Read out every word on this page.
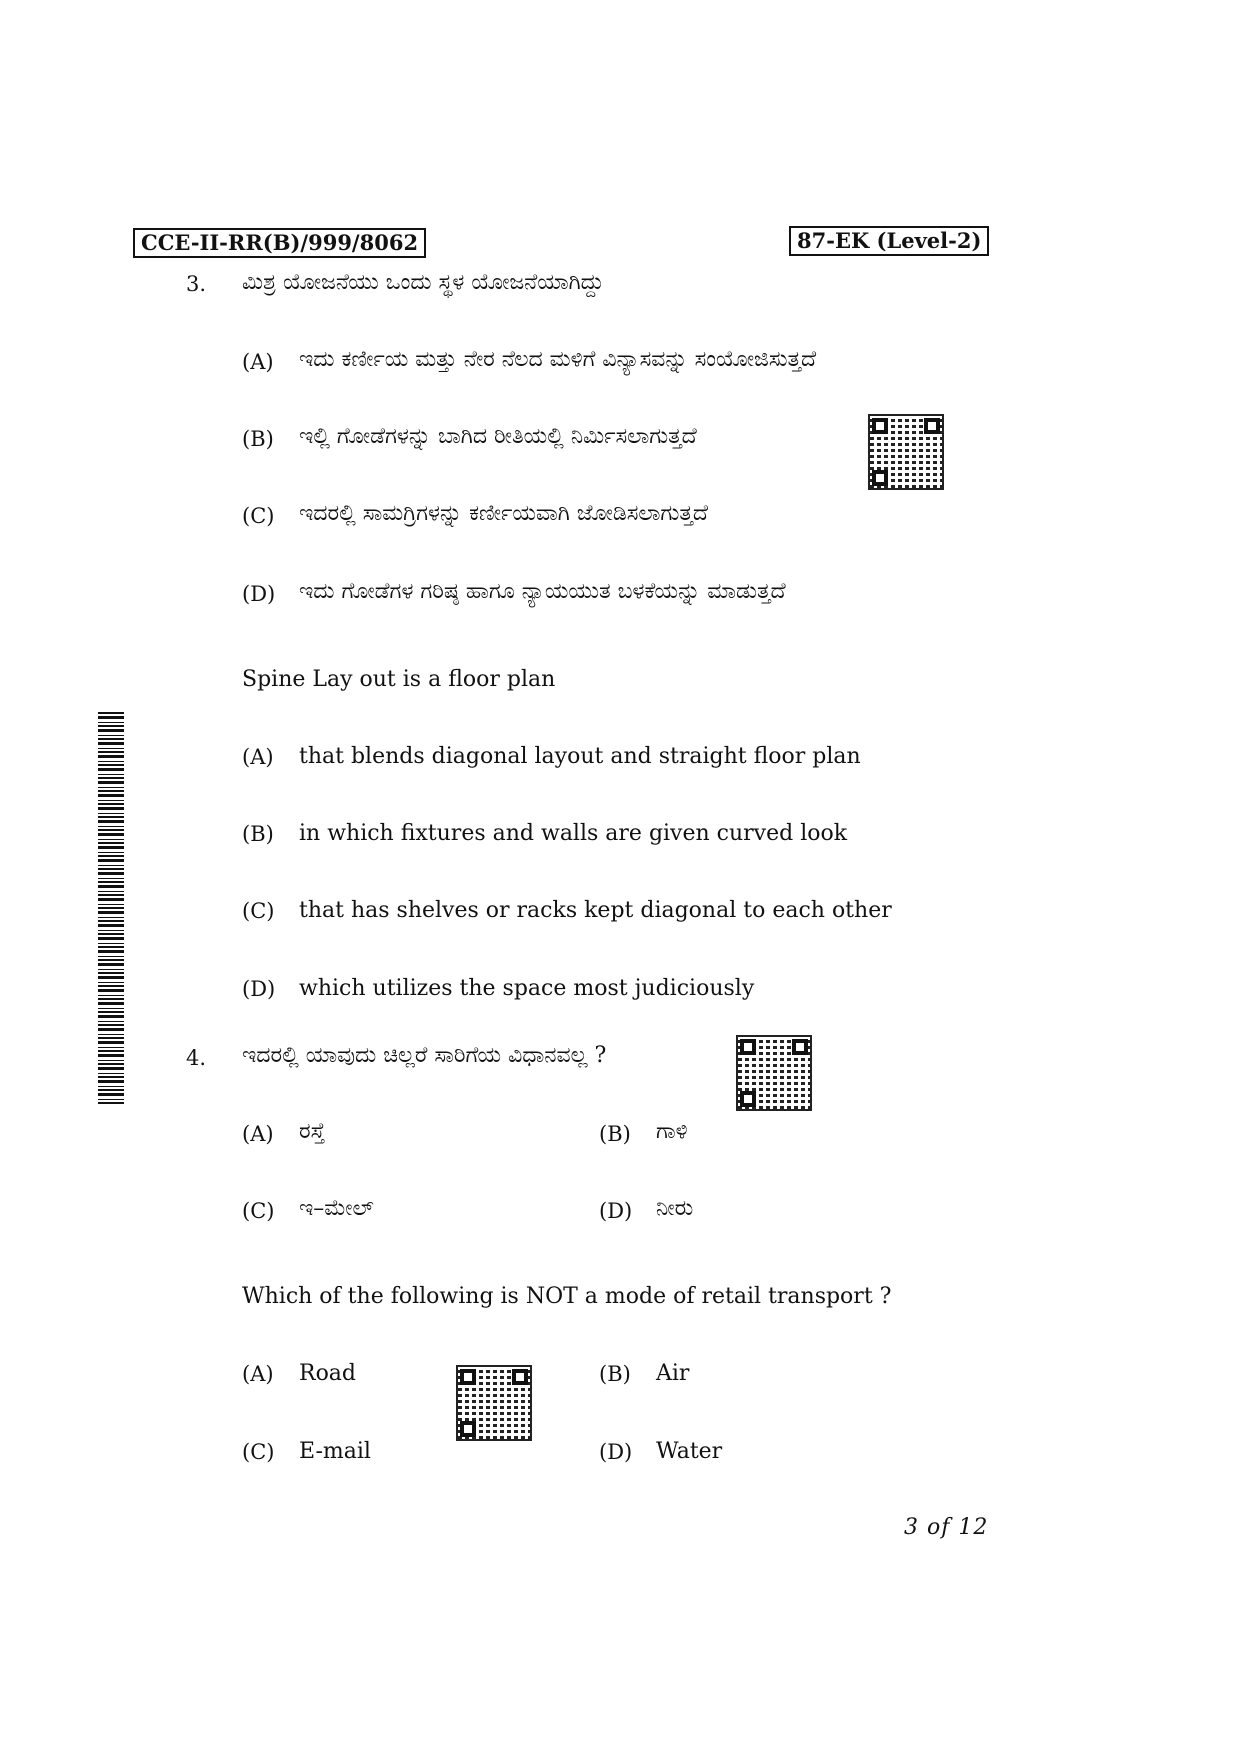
CCE-II-RR(B)/999/8062	87-EK (Level-2)
3. ಮಿಶ್ರ ಯೋಜನೆಯು ಒಂದು ಸ್ಥಳ ಯೋಜನೆಯಾಗಿದ್ದು
(A) ಇದು ಕರ್ಣೀಯ ಮತ್ತು ನೇರ ನೆಲದ ಮಳಿಗೆ ವಿನ್ಯಾಸವನ್ನು ಸಂಯೋಜಿಸುತ್ತದೆ
(B) ಇಲ್ಲಿ ಗೋಡೆಗಳನ್ನು ಬಾಗಿದ ರೀತಿಯಲ್ಲಿ ನಿರ್ಮಿಸಲಾಗುತ್ತದೆ
(C) ಇದರಲ್ಲಿ ಸಾಮಗ್ರಿಗಳನ್ನು ಕರ್ಣೀಯವಾಗಿ ಜೋಡಿಸಲಾಗುತ್ತದೆ
(D) ಇದು ಗೋಡೆಗಳ ಗರಿಷ್ಠ ಹಾಗೂ ನ್ಯಾಯಯುತ ಬಳಕೆಯನ್ನು ಮಾಡುತ್ತದೆ
Spine Lay out is a floor plan
(A) that blends diagonal layout and straight floor plan
(B) in which fixtures and walls are given curved look
(C) that has shelves or racks kept diagonal to each other
(D) which utilizes the space most judiciously
4. ಇದರಲ್ಲಿ ಯಾವುದು ಚಿಲ್ಲರೆ ಸಾರಿಗೆಯ ವಿಧಾನವಲ್ಲ ?
(A) ರಸ್ತೆ	(B) ಗಾಳಿ
(C) ಇ–ಮೇಲ್	(D) ನೀರು
Which of the following is NOT a mode of retail transport ?
(A) Road	(B) Air
(C) E-mail	(D) Water
3 of 12
